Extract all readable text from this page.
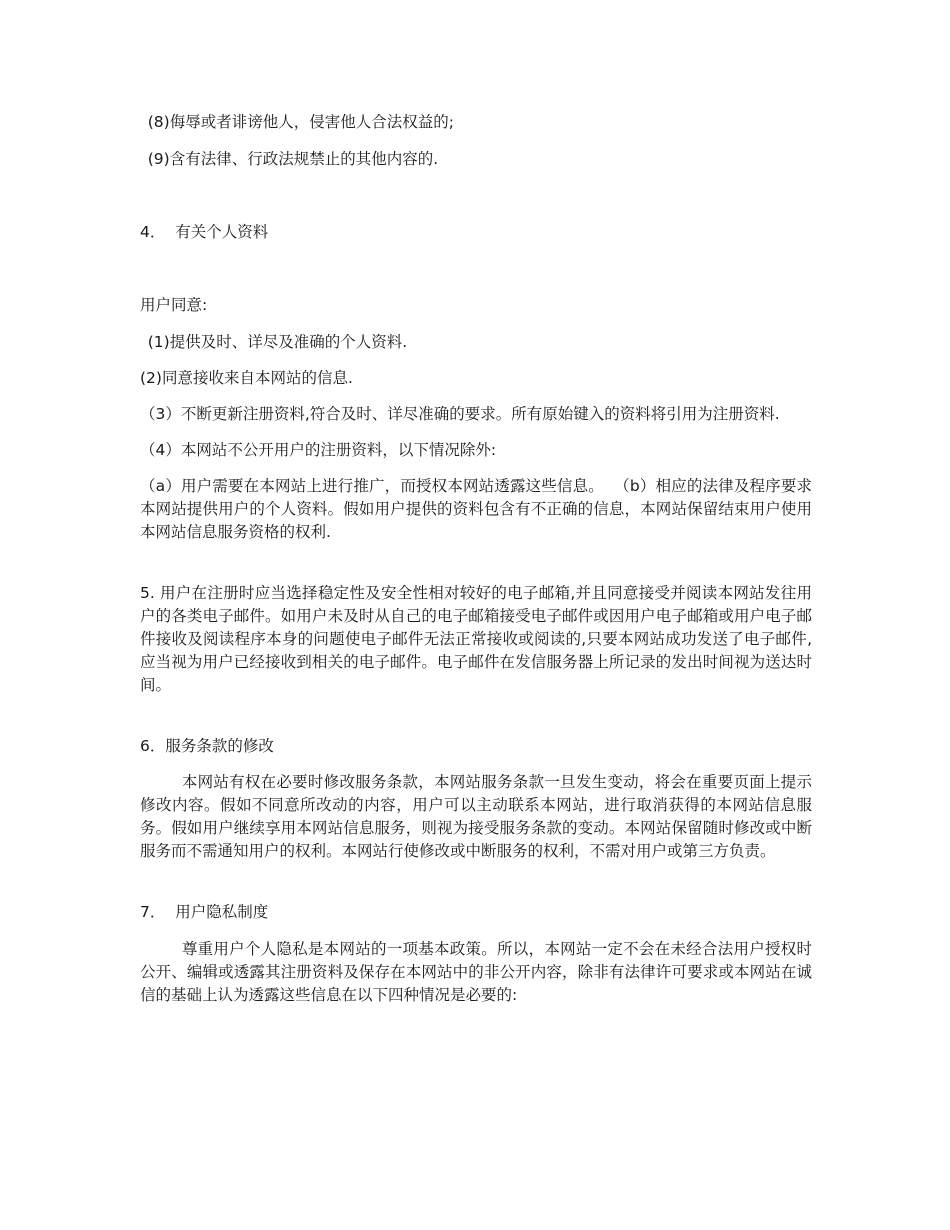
(8)侮辱或者诽谤他人，侵害他人合法权益的;

(9)含有法律、行政法规禁止的其他内容的.

4．  有关个人资料

用户同意:

(1)提供及时、详尽及准确的个人资料.

(2)同意接收来自本网站的信息.

（3）不断更新注册资料,符合及时、详尽准确的要求。所有原始键入的资料将引用为注册资料.

（4）本网站不公开用户的注册资料，以下情况除外:

（a）用户需要在本网站上进行推广，而授权本网站透露这些信息。  （b）相应的法律及程序要求本网站提供用户的个人资料。假如用户提供的资料包含有不正确的信息，本网站保留结束用户使用本网站信息服务资格的权利.

5. 用户在注册时应当选择稳定性及安全性相对较好的电子邮箱,并且同意接受并阅读本网站发往用户的各类电子邮件。如用户未及时从自己的电子邮箱接受电子邮件或因用户电子邮箱或用户电子邮件接收及阅读程序本身的问题使电子邮件无法正常接收或阅读的,只要本网站成功发送了电子邮件,应当视为用户已经接收到相关的电子邮件。电子邮件在发信服务器上所记录的发出时间视为送达时间。

6．服务条款的修改

本网站有权在必要时修改服务条款，本网站服务条款一旦发生变动，将会在重要页面上提示修改内容。假如不同意所改动的内容，用户可以主动联系本网站，进行取消获得的本网站信息服务。假如用户继续享用本网站信息服务，则视为接受服务条款的变动。本网站保留随时修改或中断服务而不需通知用户的权利。本网站行使修改或中断服务的权利，不需对用户或第三方负责。

7．  用户隐私制度

尊重用户个人隐私是本网站的一项基本政策。所以，本网站一定不会在未经合法用户授权时公开、编辑或透露其注册资料及保存在本网站中的非公开内容，除非有法律许可要求或本网站在诚信的基础上认为透露这些信息在以下四种情况是必要的:
